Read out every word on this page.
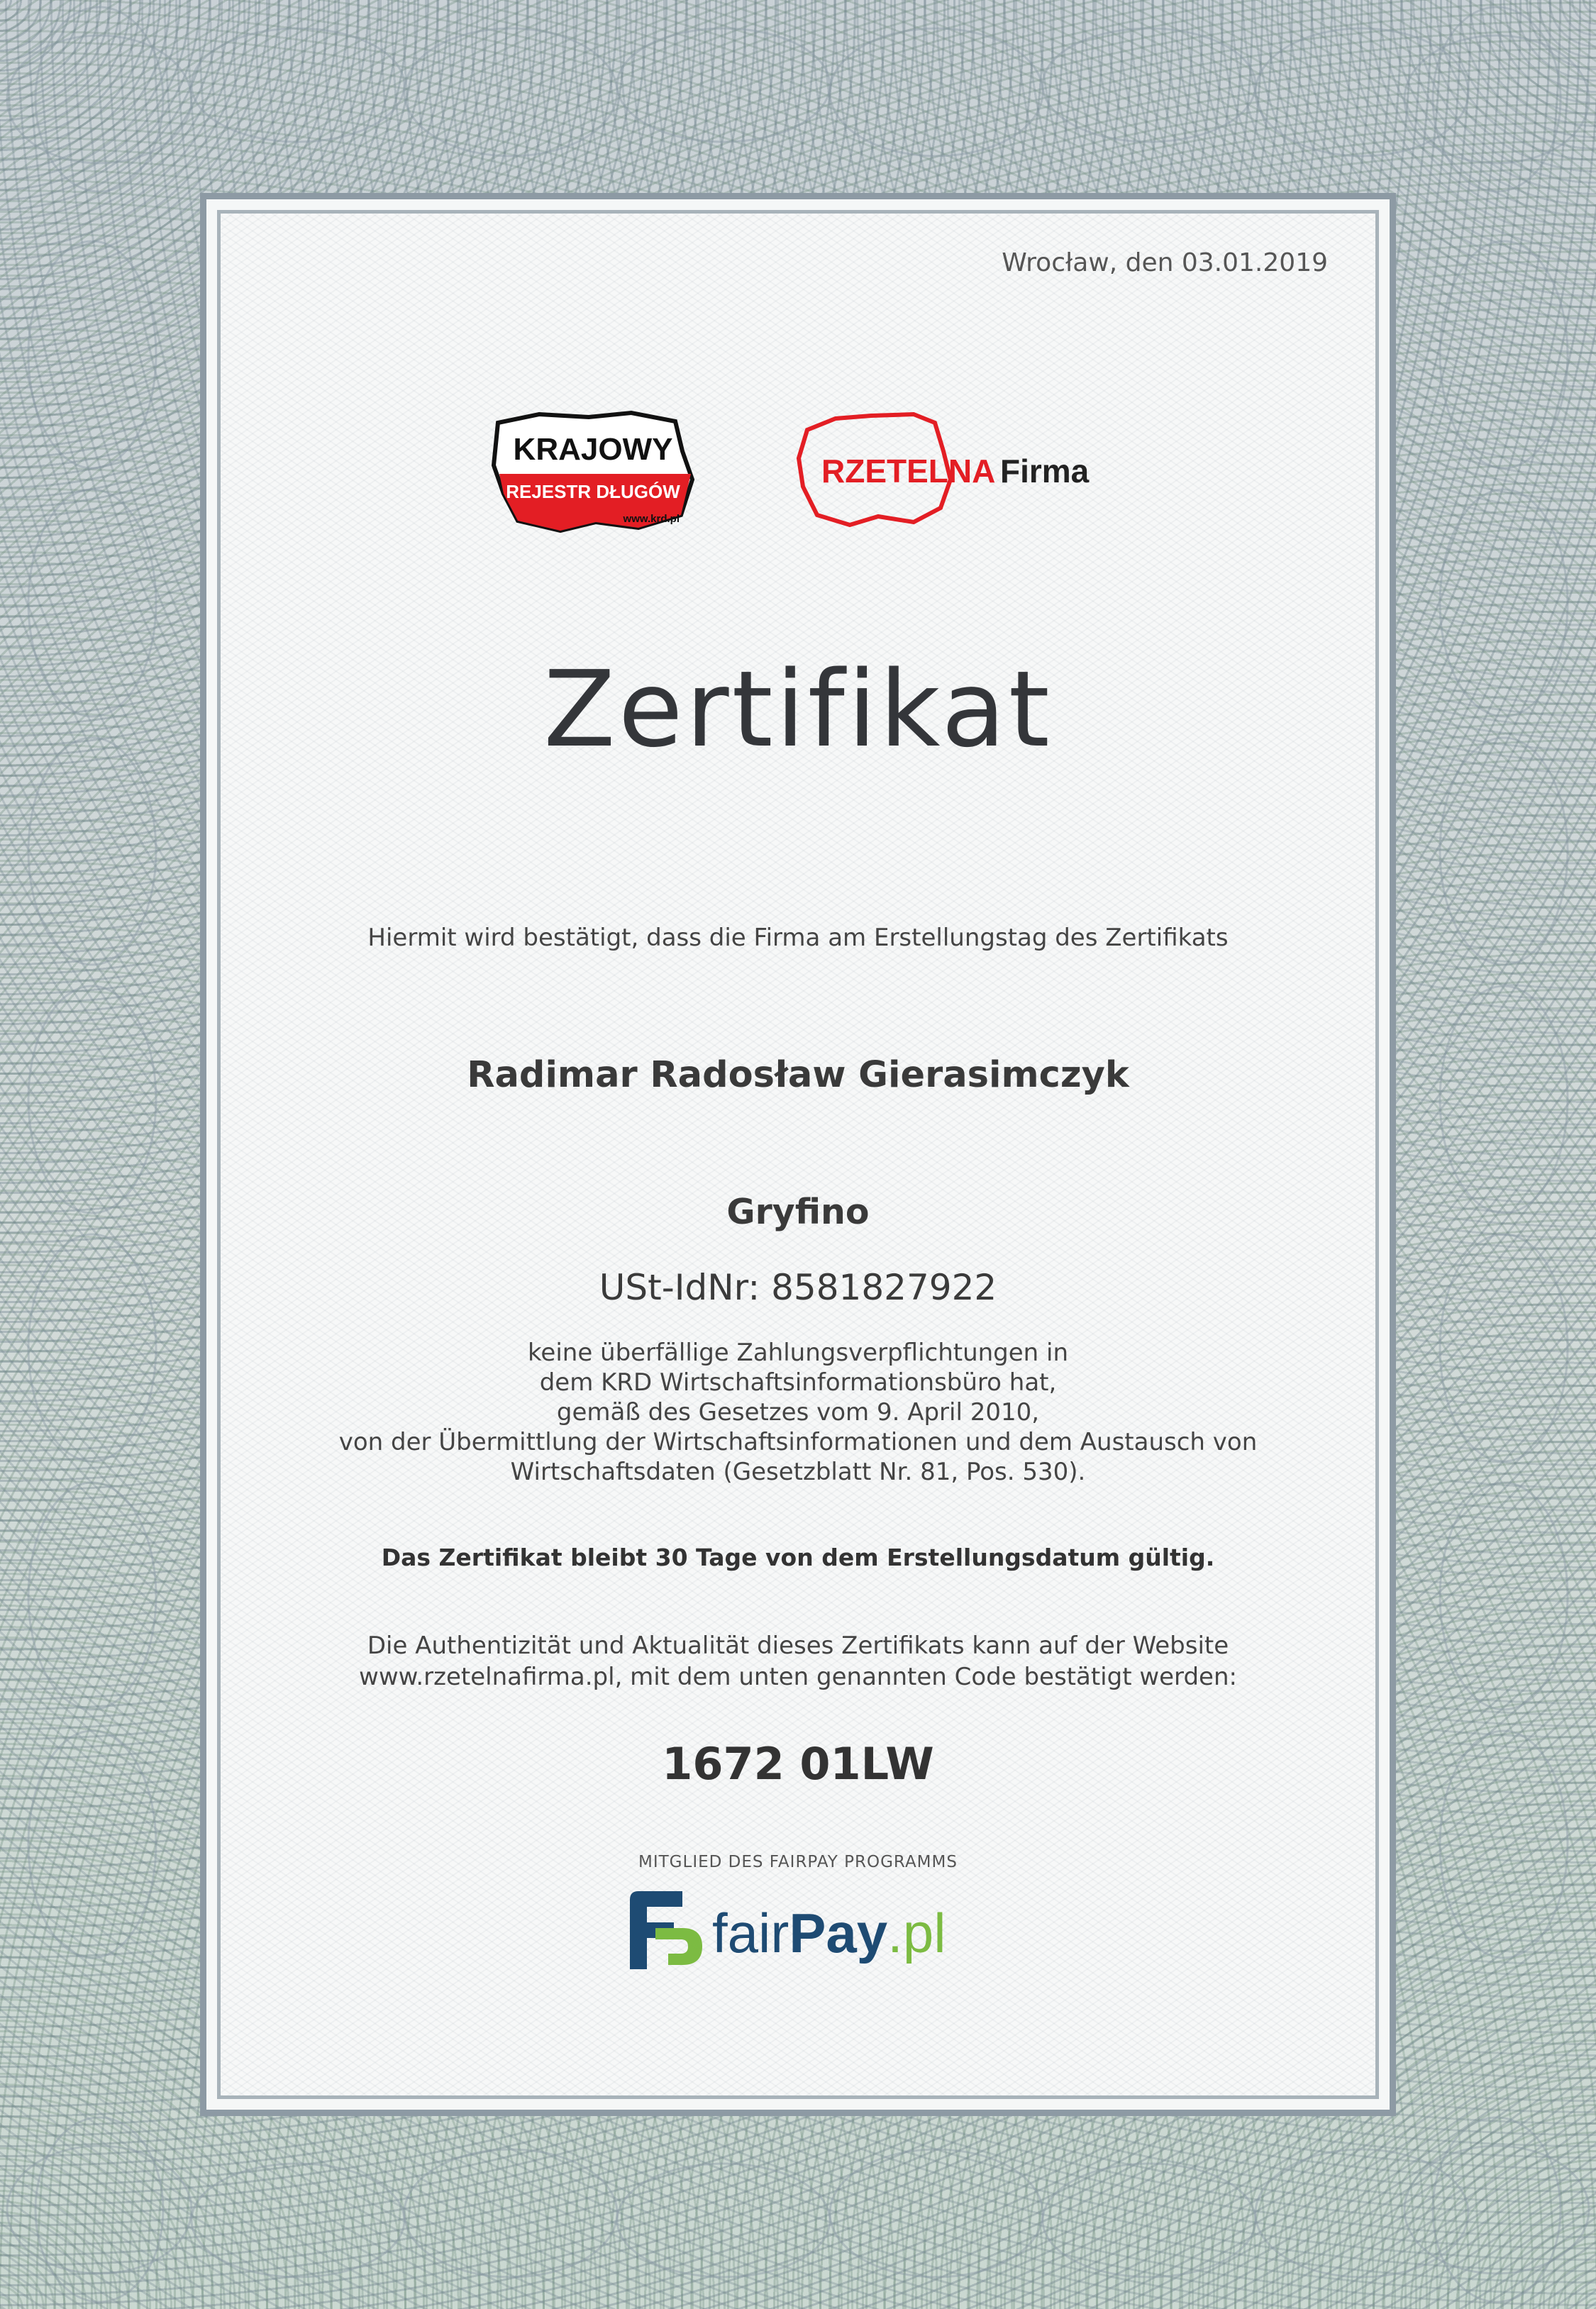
Wrocław, den 03.01.2019
KRAJOWY
REJESTR DŁUGÓW
www.krd.pl
RZETELNA Firma
Zertifikat
Hiermit wird bestätigt, dass die Firma am Erstellungstag des Zertifikats
Radimar Radosław Gierasimczyk
Gryfino
USt-IdNr: 8581827922
keine überfällige Zahlungsverpflichtungen in
dem KRD Wirtschaftsinformationsbüro hat,
gemäß des Gesetzes vom 9. April 2010,
von der Übermittlung der Wirtschaftsinformationen und dem Austausch von
Wirtschaftsdaten (Gesetzblatt Nr. 81, Pos. 530).
Das Zertifikat bleibt 30 Tage von dem Erstellungsdatum gültig.
Die Authentizität und Aktualität dieses Zertifikats kann auf der Website
www.rzetelnafirma.pl, mit dem unten genannten Code bestätigt werden:
1672 01LW
MITGLIED DES FAIRPAY PROGRAMMS
fairPay.pl
